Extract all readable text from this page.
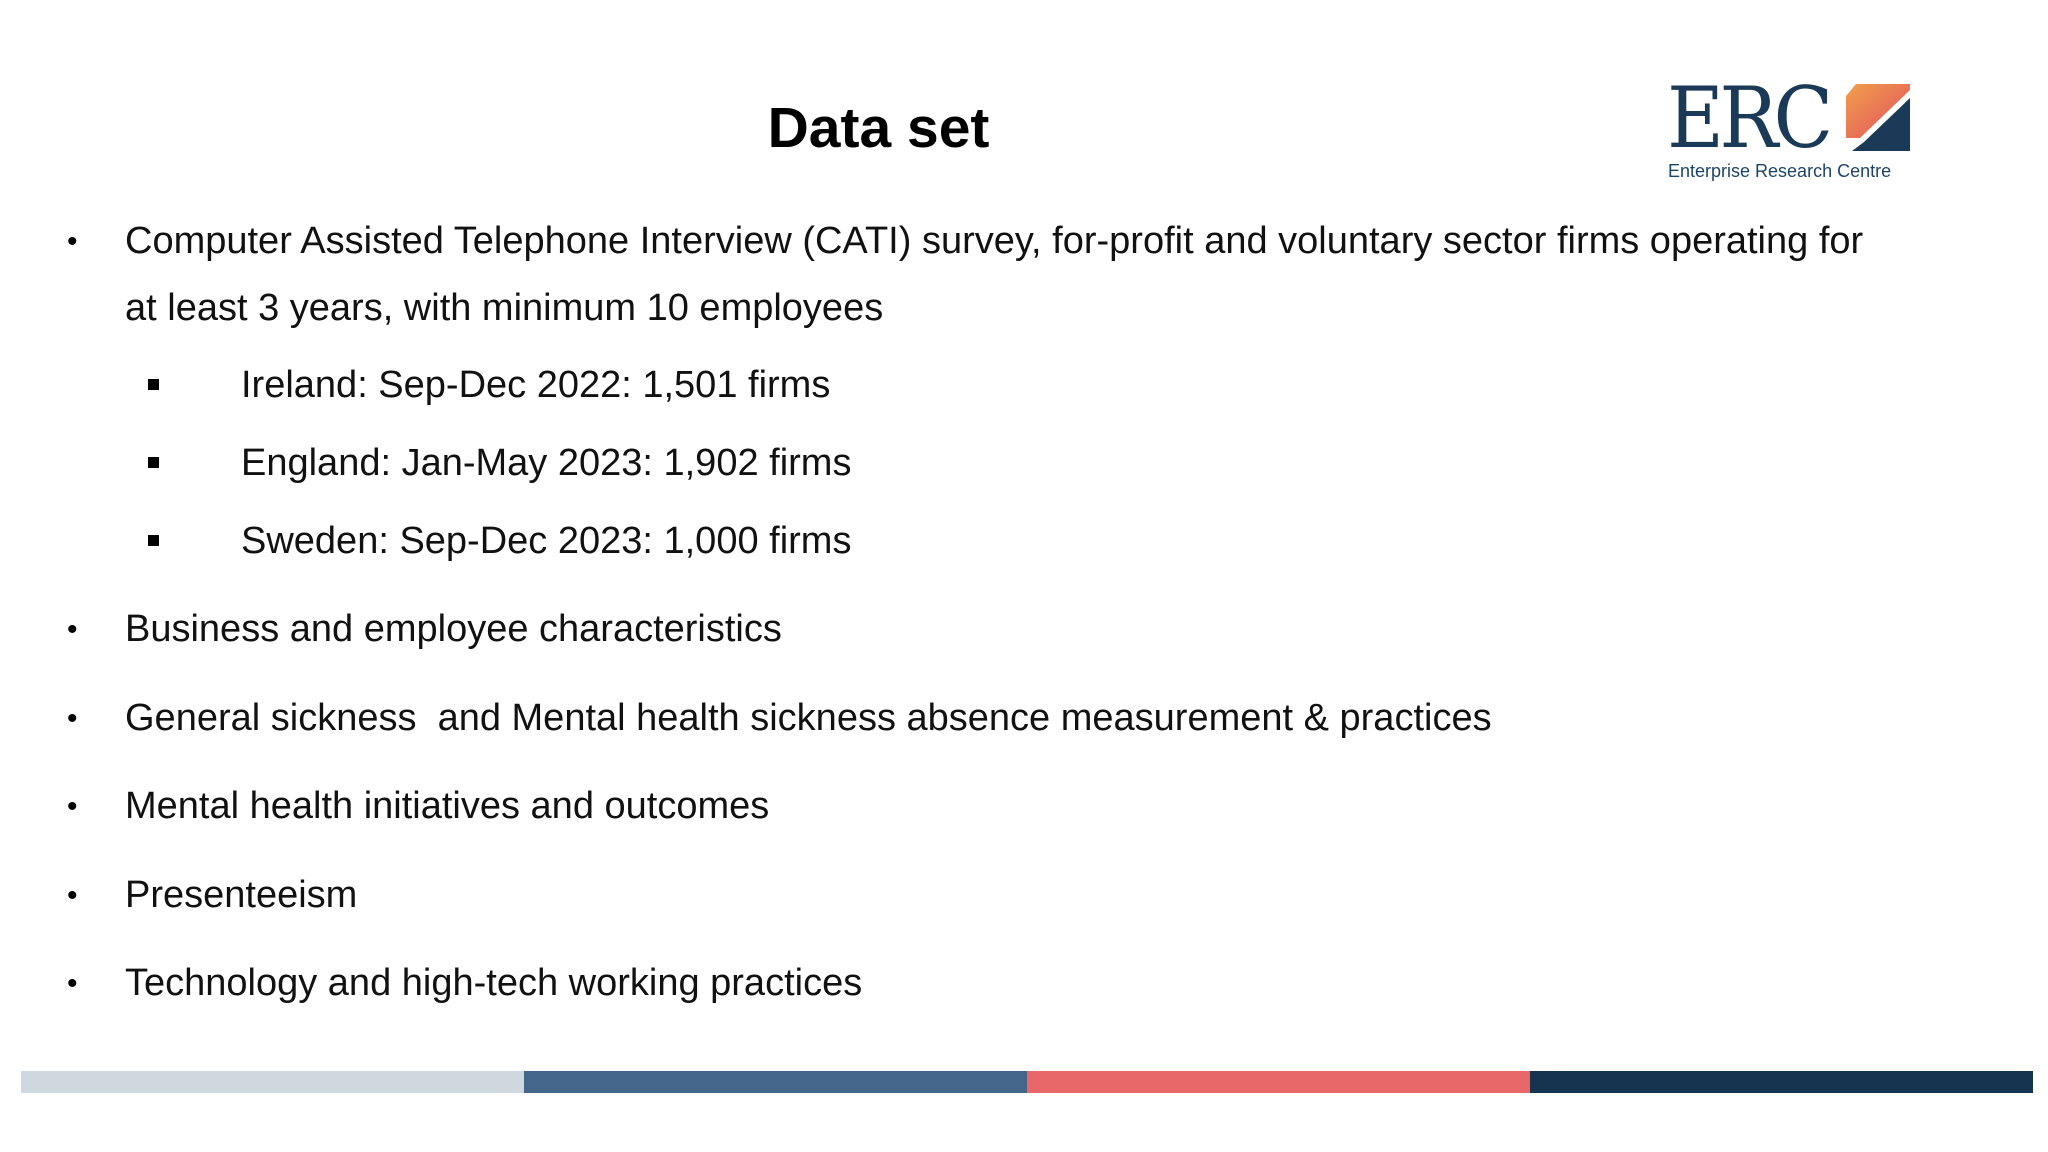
Data set	ERC
Enterprise Research Centre
• Computer Assisted Telephone Interview (CATI) survey, for-profit and voluntary sector firms operating for at least 3 years, with minimum 10 employees
Ireland: Sep-Dec 2022: 1,501 firms
England: Jan-May 2023: 1,902 firms
Sweden: Sep-Dec 2023: 1,000 firms
• Business and employee characteristics
• General sickness  and Mental health sickness absence measurement & practices
• Mental health initiatives and outcomes
• Presenteeism
• Technology and high-tech working practices
